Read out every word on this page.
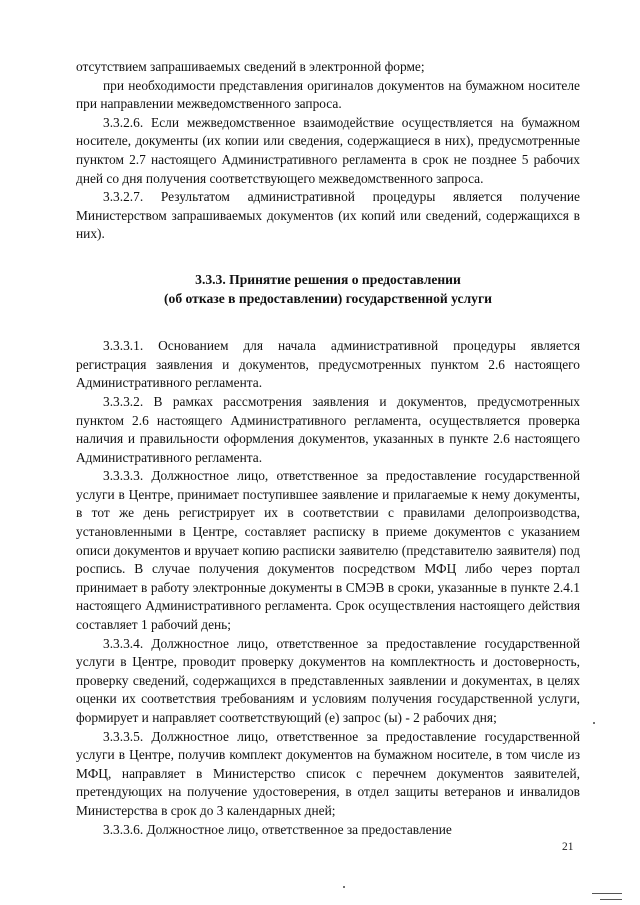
отсутствием запрашиваемых сведений в электронной форме;

при необходимости представления оригиналов документов на бумажном носителе при направлении межведомственного запроса.

3.3.2.6. Если межведомственное взаимодействие осуществляется на бумажном носителе, документы (их копии или сведения, содержащиеся в них), предусмотренные пунктом 2.7 настоящего Административного регламента в срок не позднее 5 рабочих дней со дня получения соответствующего межведомственного запроса.

3.3.2.7. Результатом административной процедуры является получение Министерством запрашиваемых документов (их копий или сведений, содержащихся в них).

3.3.3. Принятие решения о предоставлении
(об отказе в предоставлении) государственной услуги

3.3.3.1. Основанием для начала административной процедуры является регистрация заявления и документов, предусмотренных пунктом 2.6 настоящего Административного регламента.

3.3.3.2. В рамках рассмотрения заявления и документов, предусмотренных пунктом 2.6 настоящего Административного регламента, осуществляется проверка наличия и правильности оформления документов, указанных в пункте 2.6 настоящего Административного регламента.

3.3.3.3. Должностное лицо, ответственное за предоставление государственной услуги в Центре, принимает поступившее заявление и прилагаемые к нему документы, в тот же день регистрирует их в соответствии с правилами делопроизводства, установленными в Центре, составляет расписку в приеме документов с указанием описи документов и вручает копию расписки заявителю (представителю заявителя) под роспись. В случае получения документов посредством МФЦ либо через портал принимает в работу электронные документы в СМЭВ в сроки, указанные в пункте 2.4.1 настоящего Административного регламента. Срок осуществления настоящего действия составляет 1 рабочий день;

3.3.3.4. Должностное лицо, ответственное за предоставление государственной услуги в Центре, проводит проверку документов на комплектность и достоверность, проверку сведений, содержащихся в представленных заявлении и документах, в целях оценки их соответствия требованиям и условиям получения государственной услуги, формирует и направляет соответствующий (е) запрос (ы) - 2 рабочих дня;

3.3.3.5. Должностное лицо, ответственное за предоставление государственной услуги в Центре, получив комплект документов на бумажном носителе, в том числе из МФЦ, направляет в Министерство список с перечнем документов заявителей, претендующих на получение удостоверения, в отдел защиты ветеранов и инвалидов Министерства в срок до 3 календарных дней;

3.3.3.6. Должностное лицо, ответственное за предоставление

21
